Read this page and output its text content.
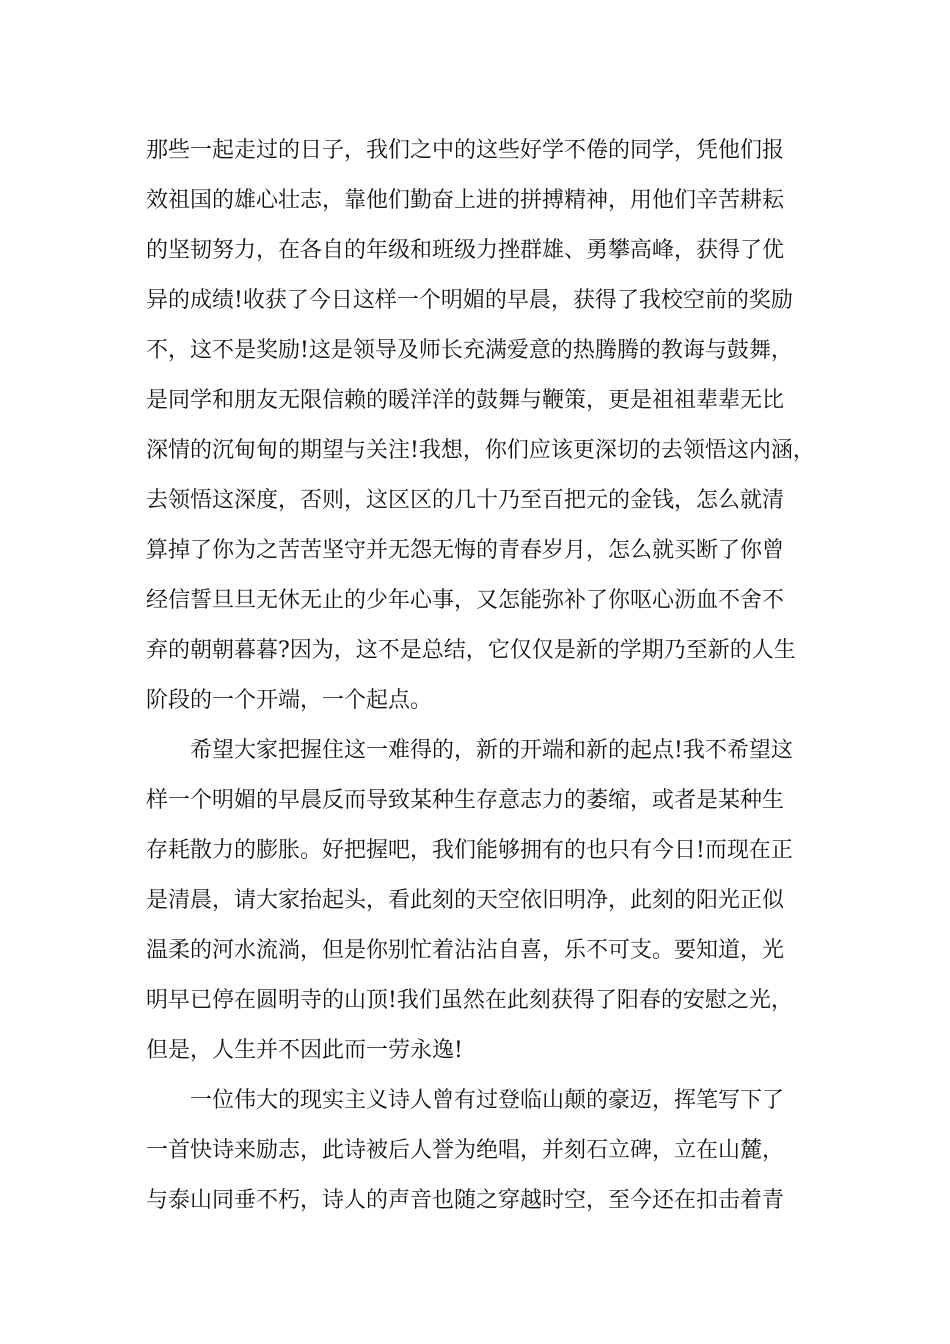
那些一起走过的日子，我们之中的这些好学不倦的同学，凭他们报
效祖国的雄心壮志，靠他们勤奋上进的拼搏精神，用他们辛苦耕耘
的坚韧努力，在各自的年级和班级力挫群雄、勇攀高峰，获得了优
异的成绩!收获了今日这样一个明媚的早晨，获得了我校空前的奖励
不，这不是奖励!这是领导及师长充满爱意的热腾腾的教诲与鼓舞，
是同学和朋友无限信赖的暖洋洋的鼓舞与鞭策，更是祖祖辈辈无比
深情的沉甸甸的期望与关注!我想，你们应该更深切的去领悟这内涵，
去领悟这深度，否则，这区区的几十乃至百把元的金钱，怎么就清
算掉了你为之苦苦坚守并无怨无悔的青春岁月，怎么就买断了你曾
经信誓旦旦无休无止的少年心事，又怎能弥补了你呕心沥血不舍不
弃的朝朝暮暮?因为，这不是总结，它仅仅是新的学期乃至新的人生
阶段的一个开端，一个起点。
希望大家把握住这一难得的，新的开端和新的起点!我不希望这
样一个明媚的早晨反而导致某种生存意志力的萎缩，或者是某种生
存耗散力的膨胀。好把握吧，我们能够拥有的也只有今日!而现在正
是清晨，请大家抬起头，看此刻的天空依旧明净，此刻的阳光正似
温柔的河水流淌，但是你别忙着沾沾自喜，乐不可支。要知道，光
明早已停在圆明寺的山顶!我们虽然在此刻获得了阳春的安慰之光，
但是，人生并不因此而一劳永逸!
一位伟大的现实主义诗人曾有过登临山颠的豪迈，挥笔写下了
一首快诗来励志，此诗被后人誉为绝唱，并刻石立碑，立在山麓，
与泰山同垂不朽，诗人的声音也随之穿越时空，至今还在扣击着青
